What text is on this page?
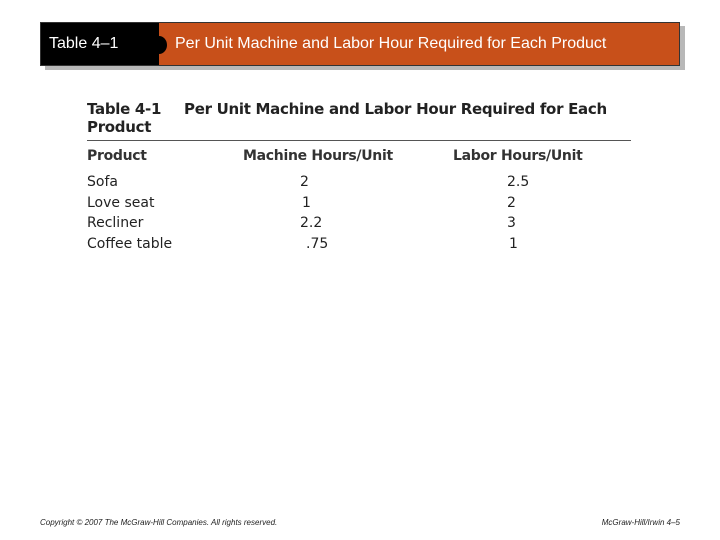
Table 4–1	Per Unit Machine and Labor Hour Required for Each Product
Table 4-1 Per Unit Machine and Labor Hour Required for Each Product
Product	Machine Hours/Unit	Labor Hours/Unit
Sofa	2	2.5
Love seat	1	2
Recliner	2.2	3
Coffee table	.75	1
Copyright © 2007 The McGraw-Hill Companies. All rights reserved.	McGraw-Hill/Irwin 4–5
